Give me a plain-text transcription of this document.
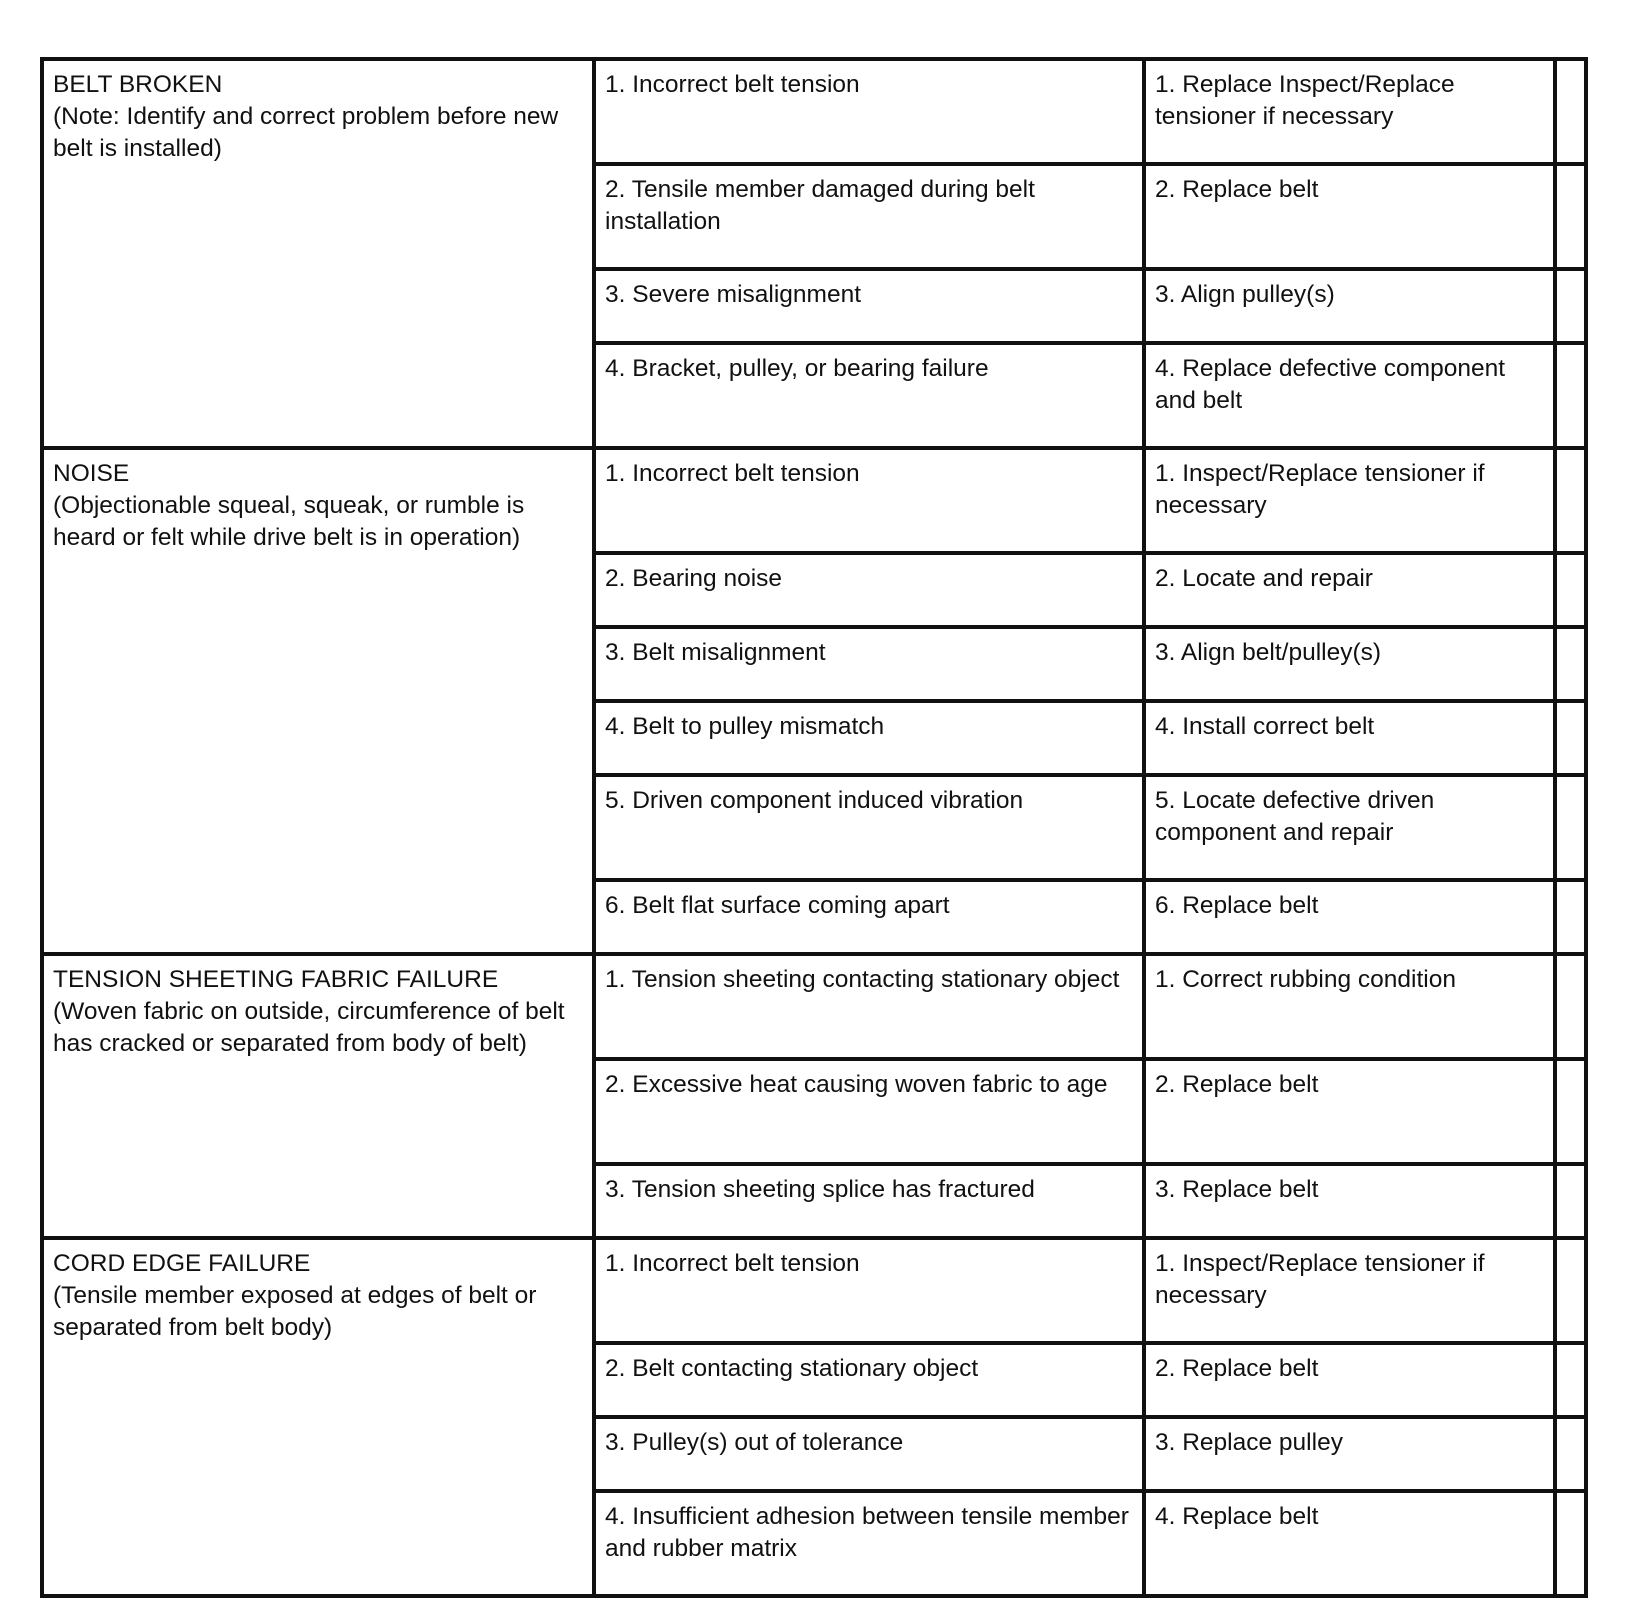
BELT BROKEN
(Note: Identify and correct problem before new belt is installed)	1. Incorrect belt tension	1. Replace Inspect/Replace tensioner if necessary	
	2. Tensile member damaged during belt installation	2. Replace belt	
	3. Severe misalignment	3. Align pulley(s)	
	4. Bracket, pulley, or bearing failure	4. Replace defective component and belt	

NOISE
(Objectionable squeal, squeak, or rumble is heard or felt while drive belt is in operation)	1. Incorrect belt tension	1. Inspect/Replace tensioner if necessary	
	2. Bearing noise	2. Locate and repair	
	3. Belt misalignment	3. Align belt/pulley(s)	
	4. Belt to pulley mismatch	4. Install correct belt	
	5. Driven component induced vibration	5. Locate defective driven component and repair	
	6. Belt flat surface coming apart	6. Replace belt	

TENSION SHEETING FABRIC FAILURE
(Woven fabric on outside, circumference of belt has cracked or separated from body of belt)	1. Tension sheeting contacting stationary object	1. Correct rubbing condition	
	2. Excessive heat causing woven fabric to age	2. Replace belt	
	3. Tension sheeting splice has fractured	3. Replace belt	

CORD EDGE FAILURE
(Tensile member exposed at edges of belt or separated from belt body)	1. Incorrect belt tension	1. Inspect/Replace tensioner if necessary	
	2. Belt contacting stationary object	2. Replace belt	
	3. Pulley(s) out of tolerance	3. Replace pulley	
	4. Insufficient adhesion between tensile member and rubber matrix	4. Replace belt	
